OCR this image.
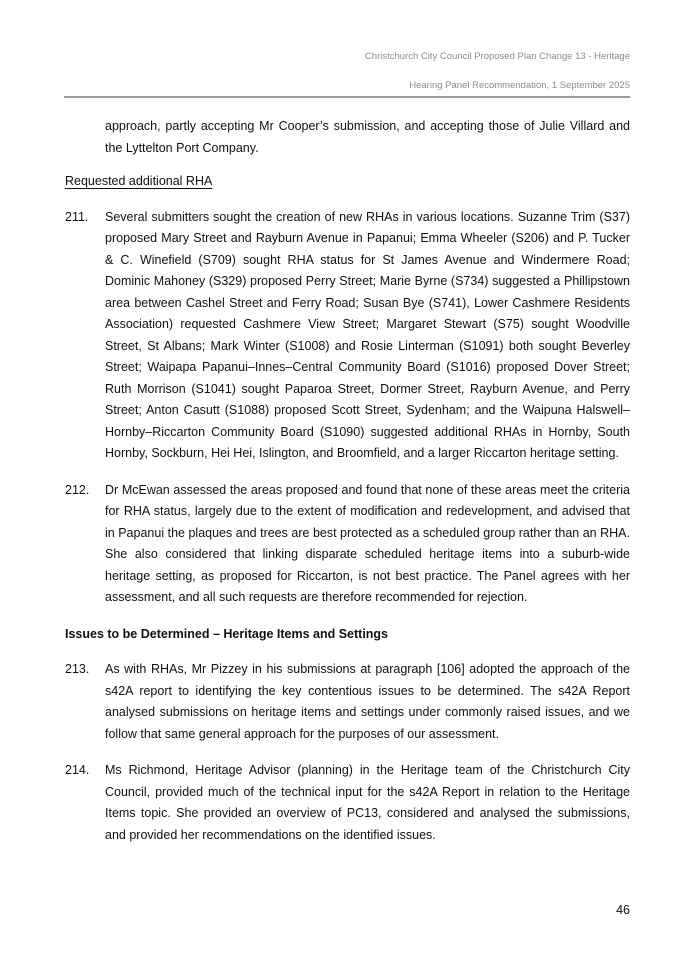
Christchurch City Council Proposed Plan Change 13 - Heritage
Hearing Panel Recommendation, 1 September 2025

approach, partly accepting Mr Cooper’s submission, and accepting those of Julie Villard and the Lyttelton Port Company.

Requested additional RHA
211.	Several submitters sought the creation of new RHAs in various locations. Suzanne Trim (S37) proposed Mary Street and Rayburn Avenue in Papanui; Emma Wheeler (S206) and P. Tucker & C. Winefield (S709) sought RHA status for St James Avenue and Windermere Road; Dominic Mahoney (S329) proposed Perry Street; Marie Byrne (S734) suggested a Phillipstown area between Cashel Street and Ferry Road; Susan Bye (S741), Lower Cashmere Residents Association) requested Cashmere View Street; Margaret Stewart (S75) sought Woodville Street, St Albans; Mark Winter (S1008) and Rosie Linterman (S1091) both sought Beverley Street; Waipapa Papanui–Innes–Central Community Board (S1016) proposed Dover Street; Ruth Morrison (S1041) sought Paparoa Street, Dormer Street, Rayburn Avenue, and Perry Street; Anton Casutt (S1088) proposed Scott Street, Sydenham; and the Waipuna Halswell–Hornby–Riccarton Community Board (S1090) suggested additional RHAs in Hornby, South Hornby, Sockburn, Hei Hei, Islington, and Broomfield, and a larger Riccarton heritage setting.
212.	Dr McEwan assessed the areas proposed and found that none of these areas meet the criteria for RHA status, largely due to the extent of modification and redevelopment, and advised that in Papanui the plaques and trees are best protected as a scheduled group rather than an RHA. She also considered that linking disparate scheduled heritage items into a suburb-wide heritage setting, as proposed for Riccarton, is not best practice. The Panel agrees with her assessment, and all such requests are therefore recommended for rejection.
Issues to be Determined – Heritage Items and Settings
213.	As with RHAs, Mr Pizzey in his submissions at paragraph [106] adopted the approach of the s42A report to identifying the key contentious issues to be determined. The s42A Report analysed submissions on heritage items and settings under commonly raised issues, and we follow that same general approach for the purposes of our assessment.
214.	Ms Richmond, Heritage Advisor (planning) in the Heritage team of the Christchurch City Council, provided much of the technical input for the s42A Report in relation to the Heritage Items topic. She provided an overview of PC13, considered and analysed the submissions, and provided her recommendations on the identified issues.
46
